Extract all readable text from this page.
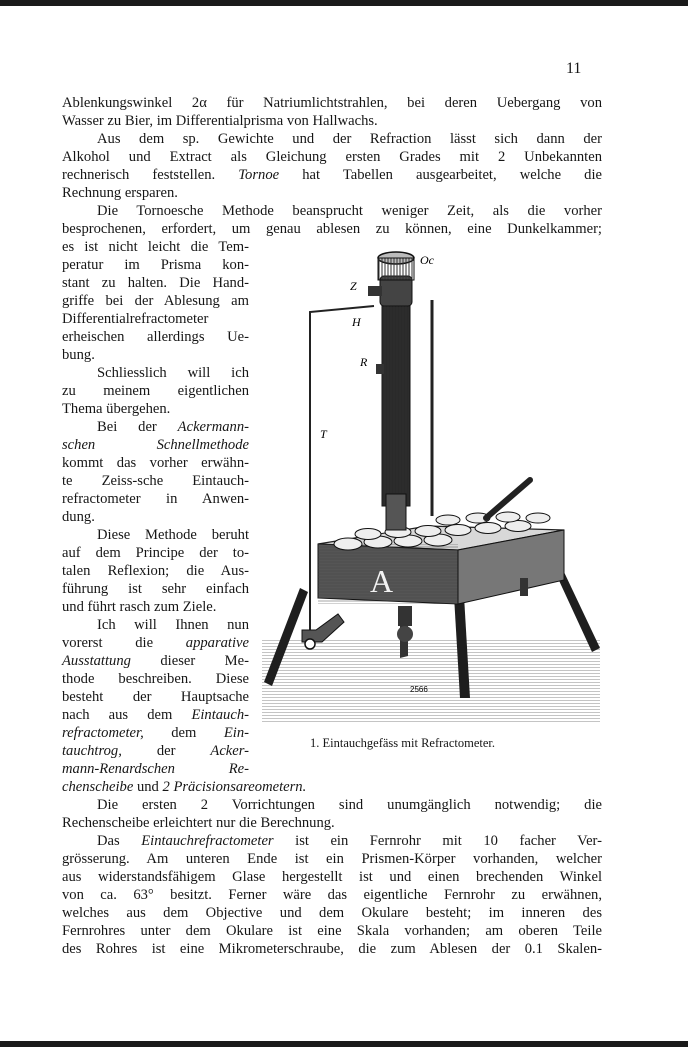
11
Ablenkungswinkel 2α für Natriumlichtstrahlen, bei deren Uebergang von
Wasser zu Bier, im Differentialprisma von Hallwachs.
Aus dem sp. Gewichte und der Refraction lässt sich dann der
Alkohol und Extract als Gleichung ersten Grades mit 2 Unbekannten
rechnerisch feststellen. Tornoe hat Tabellen ausgearbeitet, welche die
Rechnung ersparen.
Die Tornoesche Methode beansprucht weniger Zeit, als die vorher
besprochenen, erfordert, um genau ablesen zu können, eine Dunkelkammer;
es ist nicht leicht die Tem-
peratur im Prisma kon-
stant zu halten. Die Hand-
griffe bei der Ablesung am
Differentialrefractometer
erheischen allerdings Ue-
bung.
Schliesslich will ich
zu meinem eigentlichen
Thema übergehen.
Bei der Ackermann-
schen Schnellmethode
kommt das vorher erwähn-
te Zeiss-sche Eintauch-
refractometer in Anwen-
dung.
Diese Methode beruht
auf dem Principe der to-
talen Reflexion; die Aus-
führung ist sehr einfach
und führt rasch zum Ziele.
Ich will Ihnen nun
vorerst die apparative
Ausstattung dieser Me-
thode beschreiben. Diese
besteht der Hauptsache
nach aus dem Eintauch-
refractometer, dem Ein-
tauchtrog, der Acker-
mann-Renardschen Re-
chenscheibe und 2 Präcisionsareometern.
Die ersten 2 Vorrichtungen sind unumgänglich notwendig; die
Rechenscheibe erleichtert nur die Berechnung.
Das Eintauchrefractometer ist ein Fernrohr mit 10 facher Ver-
grösserung. Am unteren Ende ist ein Prismen-Körper vorhanden, welcher
aus widerstandsfähigem Glase hergestellt ist und einen brechenden Winkel
von ca. 63° besitzt. Ferner wäre das eigentliche Fernrohr zu erwähnen,
welches aus dem Objective und dem Okulare besteht; im inneren des
Fernrohres unter dem Okulare ist eine Skala vorhanden; am oberen Teile
des Rohres ist eine Mikrometerschraube, die zum Ablesen der 0.1 Skalen-
Oc
Z
H
R
T
A
2566
1. Eintauchgefäss mit Refractometer.
